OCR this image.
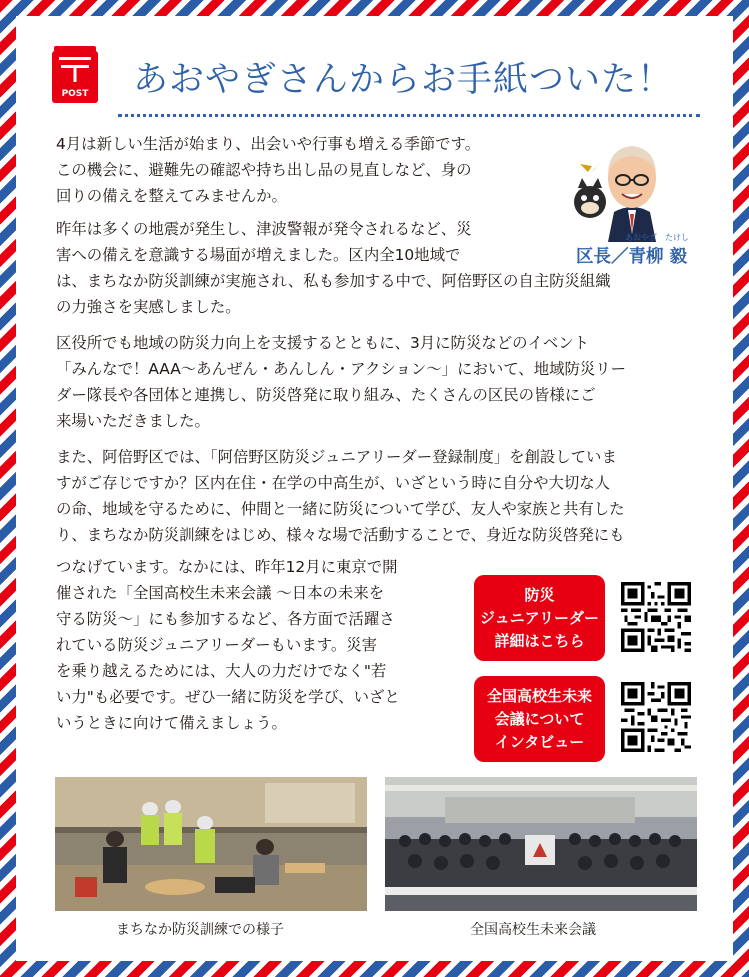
POST あおやぎさんからお手紙ついた！
4月は新しい生活が始まり、出会いや行事も増える季節です。
この機会に、避難先の確認や持ち出し品の見直しなど、身の
回りの備えを整えてみませんか。
昨年は多くの地震が発生し、津波警報が発令されるなど、災
害への備えを意識する場面が増えました。区内全10地域で
は、まちなか防災訓練が実施され、私も参加する中で、阿倍野区の自主防災組織
の力強さを実感しました。
区役所でも地域の防災力向上を支援するとともに、3月に防災などのイベント
「みんなで！AAA〜あんぜん・あんしん・アクション〜」において、地域防災リー
ダー隊長や各団体と連携し、防災啓発に取り組み、たくさんの区民の皆様にご
来場いただきました。
また、阿倍野区では、「阿倍野区防災ジュニアリーダー登録制度」を創設していま
すがご存じですか？区内在住・在学の中高生が、いざという時に自分や大切な人
の命、地域を守るために、仲間と一緒に防災について学び、友人や家族と共有した
り、まちなか防災訓練をはじめ、様々な場で活動することで、身近な防災啓発にも
つなげています。なかには、昨年12月に東京で開
催された「全国高校生未来会議 〜日本の未来を
守る防災〜」にも参加するなど、各方面で活躍さ
れている防災ジュニアリーダーもいます。災害
を乗り越えるためには、大人の力だけでなく"若
い力"も必要です。ぜひ一緒に防災を学び、いざと
いうときに向けて備えましょう。
あおやぎ　たけし
区長／青柳 毅
防災
ジュニアリーダー
詳細はこちら
全国高校生未来
会議について
インタビュー
まちなか防災訓練での様子	全国高校生未来会議
